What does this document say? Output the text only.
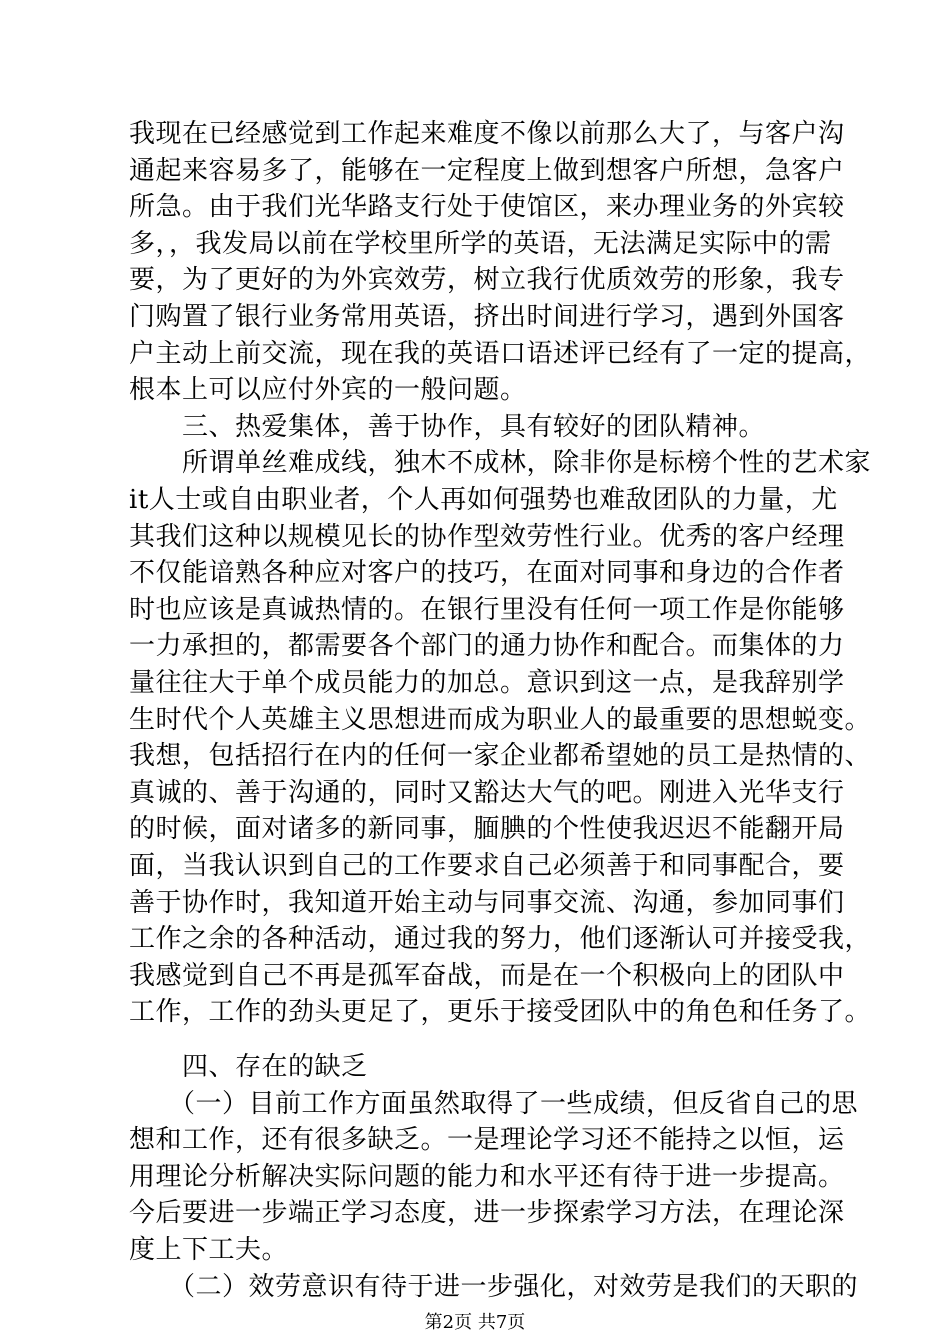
我现在已经感觉到工作起来难度不像以前那么大了，与客户沟
通起来容易多了，能够在一定程度上做到想客户所想，急客户
所急。由于我们光华路支行处于使馆区，来办理业务的外宾较
多，，我发局以前在学校里所学的英语，无法满足实际中的需
要，为了更好的为外宾效劳，树立我行优质效劳的形象，我专
门购置了银行业务常用英语，挤出时间进行学习，遇到外国客
户主动上前交流，现在我的英语口语述评已经有了一定的提高，
根本上可以应付外宾的一般问题。
　　三、热爱集体，善于协作，具有较好的团队精神。
　　所谓单丝难成线，独木不成林，除非你是标榜个性的艺术家
it人士或自由职业者，个人再如何强势也难敌团队的力量，尤
其我们这种以规模见长的协作型效劳性行业。优秀的客户经理
不仅能谙熟各种应对客户的技巧，在面对同事和身边的合作者
时也应该是真诚热情的。在银行里没有任何一项工作是你能够
一力承担的，都需要各个部门的通力协作和配合。而集体的力
量往往大于单个成员能力的加总。意识到这一点，是我辞别学
生时代个人英雄主义思想进而成为职业人的最重要的思想蜕变。
我想，包括招行在内的任何一家企业都希望她的员工是热情的、
真诚的、善于沟通的，同时又豁达大气的吧。刚进入光华支行
的时候，面对诸多的新同事，腼腆的个性使我迟迟不能翻开局
面，当我认识到自己的工作要求自己必须善于和同事配合，要
善于协作时，我知道开始主动与同事交流、沟通，参加同事们
工作之余的各种活动，通过我的努力，他们逐渐认可并接受我，
我感觉到自己不再是孤军奋战，而是在一个积极向上的团队中
工作，工作的劲头更足了，更乐于接受团队中的角色和任务了。
　　四、存在的缺乏
　　（一）目前工作方面虽然取得了一些成绩，但反省自己的思
想和工作，还有很多缺乏。一是理论学习还不能持之以恒，运
用理论分析解决实际问题的能力和水平还有待于进一步提高。
今后要进一步端正学习态度，进一步探索学习方法，在理论深
度上下工夫。
　　（二）效劳意识有待于进一步强化，对效劳是我们的天职的
第2页 共7页
